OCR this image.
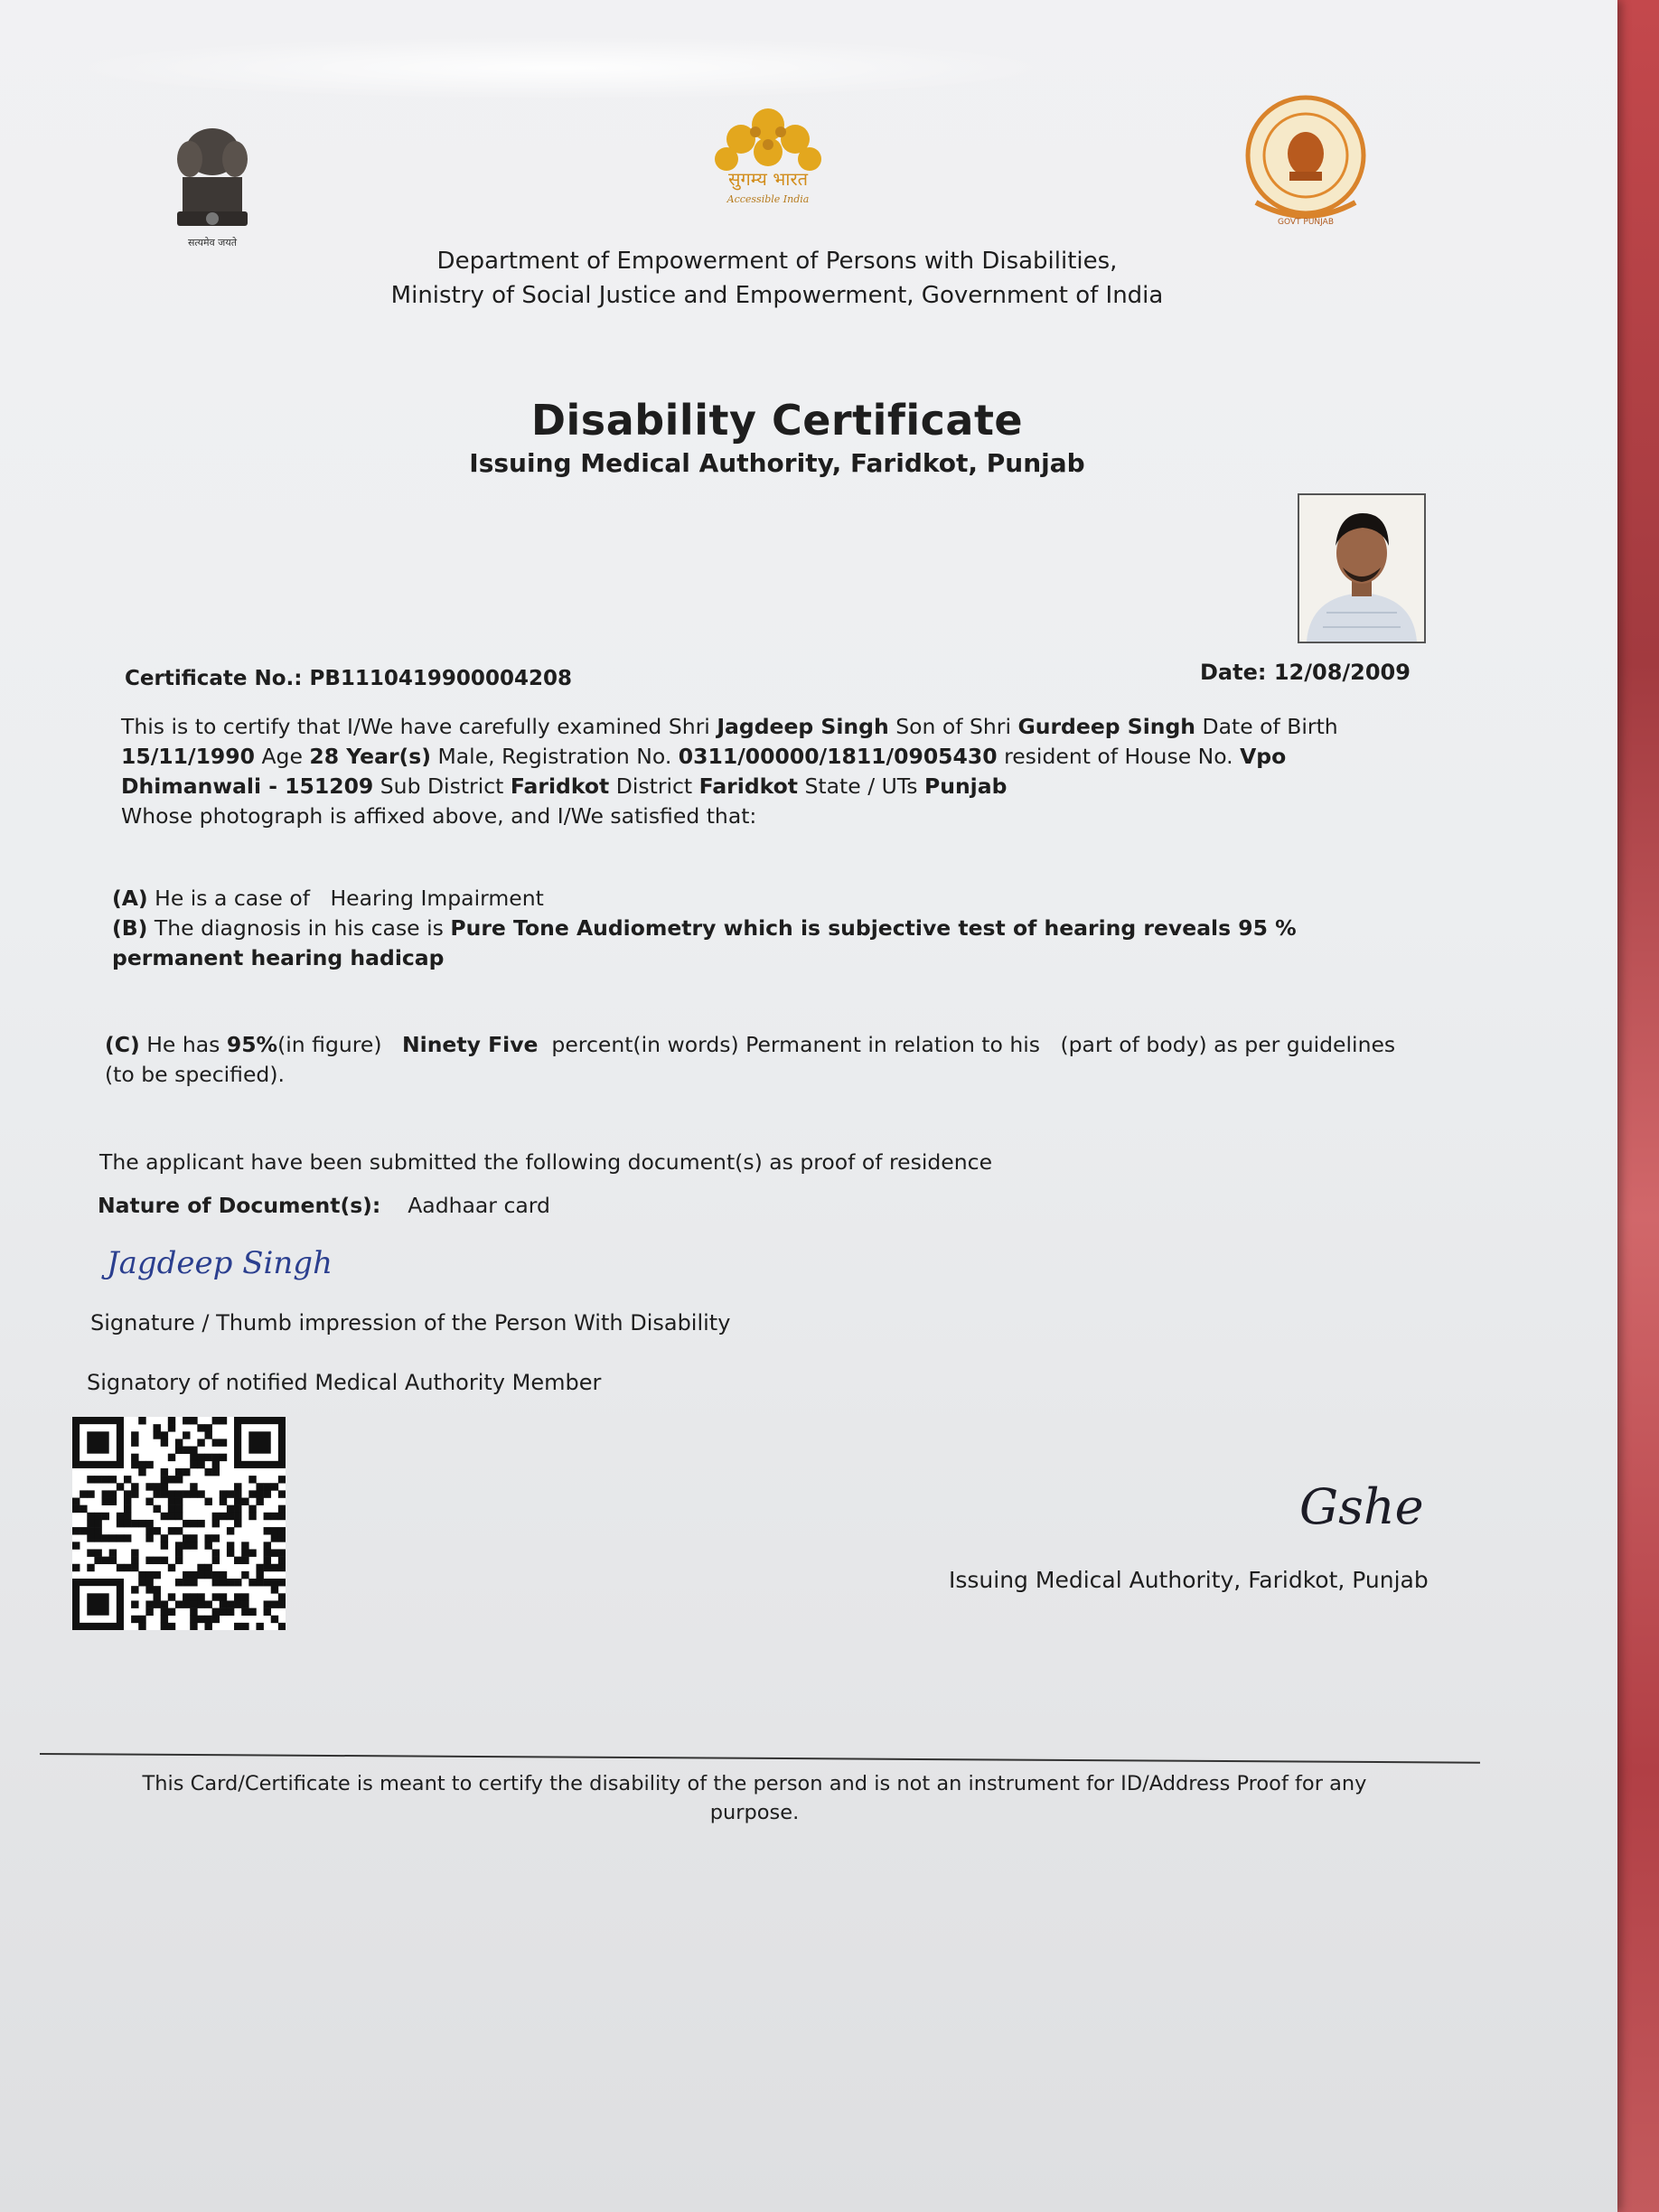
सत्यमेव जयते
सुगम्य भारत
Accessible India
GOVT PUNJAB
Department of Empowerment of Persons with Disabilities,
Ministry of Social Justice and Empowerment, Government of India
Disability Certificate
Issuing Medical Authority, Faridkot, Punjab
Certificate No.: PB1110419900004208	Date: 12/08/2009
This is to certify that I/We have carefully examined Shri Jagdeep Singh Son of Shri Gurdeep Singh Date of Birth 15/11/1990 Age 28 Year(s) Male, Registration No. 0311/00000/1811/0905430 resident of House No. Vpo Dhimanwali - 151209 Sub District Faridkot District Faridkot State / UTs Punjab
Whose photograph is affixed above, and I/We satisfied that:
(A) He is a case of Hearing Impairment
(B) The diagnosis in his case is Pure Tone Audiometry which is subjective test of hearing reveals 95 % permanent hearing hadicap
(C) He has 95%(in figure) Ninety Five percent(in words) Permanent in relation to his (part of body) as per guidelines (to be specified).
The applicant have been submitted the following document(s) as proof of residence
Nature of Document(s): Aadhaar card
Jagdeep Singh
Signature / Thumb impression of the Person With Disability
Signatory of notified Medical Authority Member
Gshe
Issuing Medical Authority, Faridkot, Punjab
This Card/Certificate is meant to certify the disability of the person and is not an instrument for ID/Address Proof for any purpose.
